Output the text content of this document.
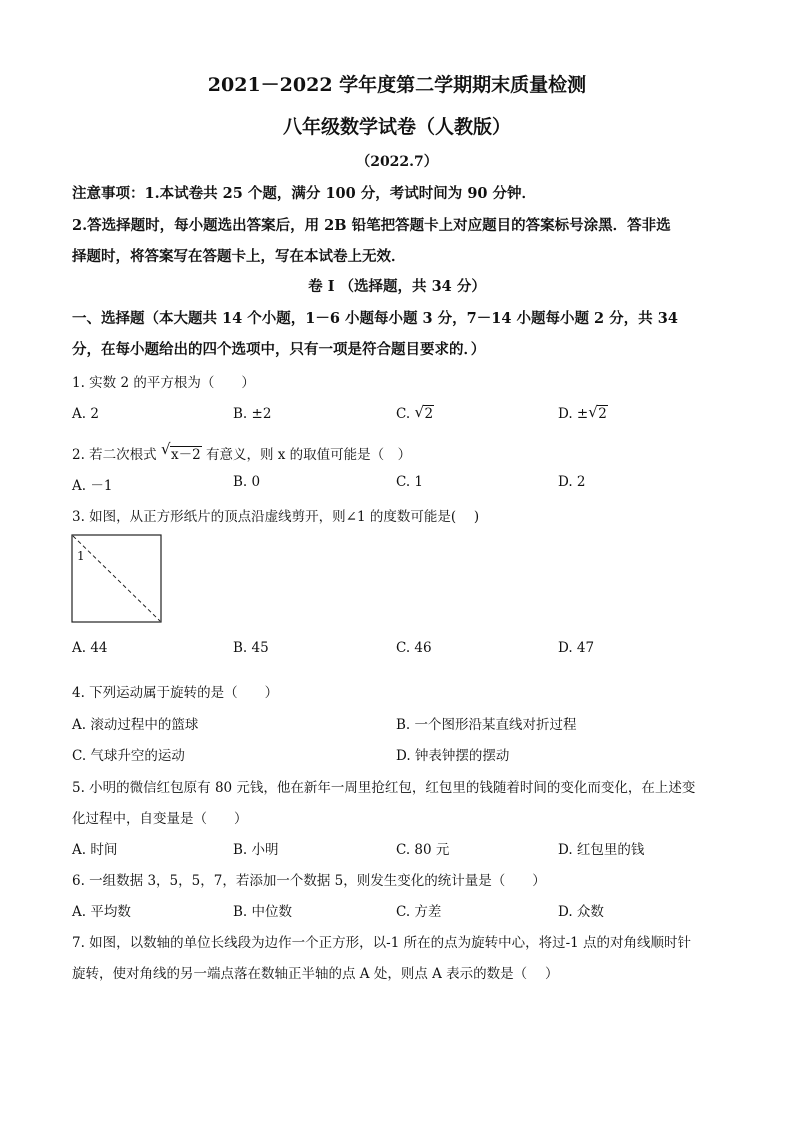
2021－2022 学年度第二学期期末质量检测
八年级数学试卷（人教版）
（2022.7）
注意事项：1.本试卷共 25 个题，满分 100 分，考试时间为 90 分钟．
2.答选择题时，每小题选出答案后，用 2B 铅笔把答题卡上对应题目的答案标号涂黑．答非选
择题时，将答案写在答题卡上，写在本试卷上无效．
卷 I （选择题，共 34 分）
一、选择题（本大题共 14 个小题，1－6 小题每小题 3 分，7－14 小题每小题 2 分，共 34
分，在每小题给出的四个选项中，只有一项是符合题目要求的．）
1. 实数 2 的平方根为（　　）
A. 2	B. ±2	C. √ 2	D. ± √ 2
2. 若二次根式 √ x－2 有意义，则 x 的取值可能是（　）
A. －1	B. 0	C. 1	D. 2
3. 如图，从正方形纸片的顶点沿虚线剪开，则∠1 的度数可能是(　 )
1
A. 44	B. 45	C. 46	D. 47
4. 下列运动属于旋转的是（　　）
A. 滚动过程中的篮球	B. 一个图形沿某直线对折过程
C. 气球升空的运动	D. 钟表钟摆的摆动
5. 小明的微信红包原有 80 元钱，他在新年一周里抢红包，红包里的钱随着时间的变化而变化，在上述变
化过程中，自变量是（　　）
A. 时间	B. 小明	C. 80 元	D. 红包里的钱
6. 一组数据 3，5，5，7，若添加一个数据 5，则发生变化的统计量是（　　）
A. 平均数	B. 中位数	C. 方差	D. 众数
7. 如图，以数轴的单位长线段为边作一个正方形，以-1 所在的点为旋转中心，将过-1 点的对角线顺时针
旋转，使对角线的另一端点落在数轴正半轴的点 A 处，则点 A 表示的数是（　 ）
